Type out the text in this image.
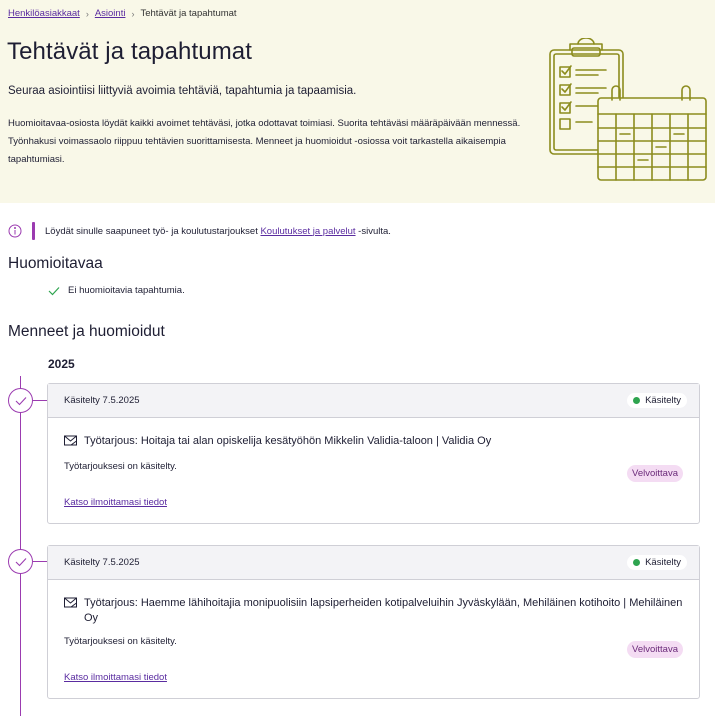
Henkilöasiakkaat › Asiointi › Tehtävät ja tapahtumat
Tehtävät ja tapahtumat

Seuraa asiointiisi liittyviä avoimia tehtäviä, tapahtumia ja tapaamisia.

Huomioitavaa-osiosta löydät kaikki avoimet tehtäväsi, jotka odottavat toimiasi. Suorita tehtäväsi määräpäivään mennessä. Työnhakusi voimassaolo riippuu tehtävien suorittamisesta. Menneet ja huomioidut -osiossa voit tarkastella aikaisempia tapahtumiasi.

Löydät sinulle saapuneet työ- ja koulutustarjoukset Koulutukset ja palvelut -sivulta.
Huomioitavaa
Ei huomioitavia tapahtumia.
Menneet ja huomioidut
2025
Käsitelty 7.5.2025	Käsitelty
Työtarjous: Hoitaja tai alan opiskelija kesätyöhön Mikkelin Validia-taloon | Validia Oy
Työtarjouksesi on käsitelty.
Velvoittava
Katso ilmoittamasi tiedot
Käsitelty 7.5.2025	Käsitelty
Työtarjous: Haemme lähihoitajia monipuolisiin lapsiperheiden kotipalveluihin Jyväskylään, Mehiläinen kotihoito | Mehiläinen Oy
Työtarjouksesi on käsitelty.
Velvoittava
Katso ilmoittamasi tiedot
